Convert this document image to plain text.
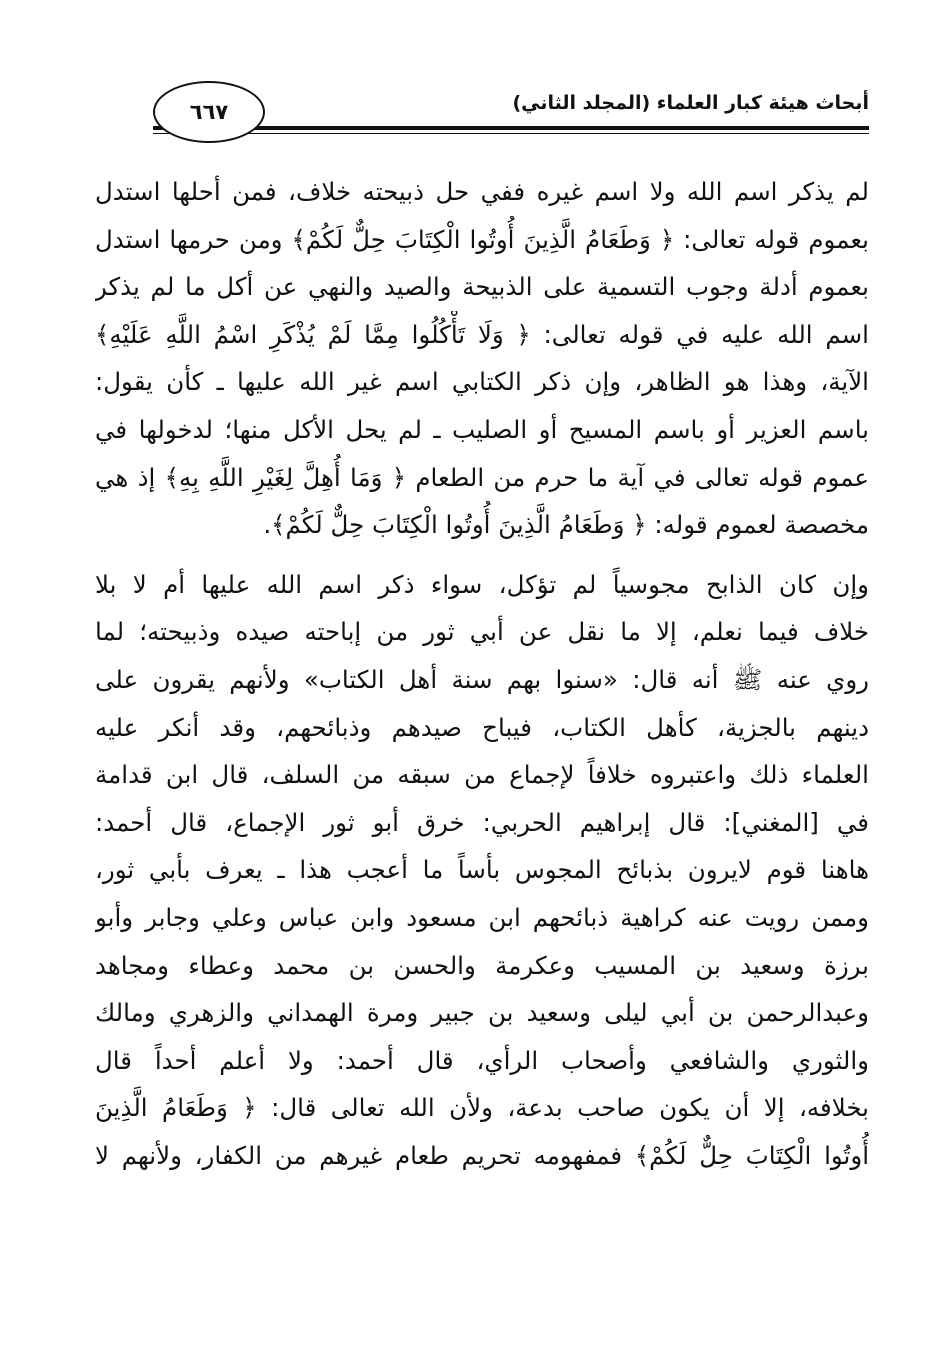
أبحاث هيئة كبار العلماء (المجلد الثاني)
٦٦٧
لم يذكر اسم الله ولا اسم غيره ففي حل ذبيحته خلاف، فمن أحلها استدل
بعموم قوله تعالى: ﴿ وَطَعَامُ الَّذِينَ أُوتُوا الْكِتَابَ حِلٌّ لَكُمْ﴾ ومن حرمها استدل
بعموم أدلة وجوب التسمية على الذبيحة والصيد والنهي عن أكل ما لم يذكر
اسم الله عليه في قوله تعالى: ﴿ وَلَا تَأْكُلُوا مِمَّا لَمْ يُذْكَرِ اسْمُ اللَّهِ عَلَيْهِ﴾
الآية، وهذا هو الظاهر، وإن ذكر الكتابي اسم غير الله عليها ـ كأن يقول:
باسم العزير أو باسم المسيح أو الصليب ـ لم يحل الأكل منها؛ لدخولها في
عموم قوله تعالى في آية ما حرم من الطعام ﴿ وَمَا أُهِلَّ لِغَيْرِ اللَّهِ بِهِ﴾ إذ هي
مخصصة لعموم قوله: ﴿ وَطَعَامُ الَّذِينَ أُوتُوا الْكِتَابَ حِلٌّ لَكُمْ﴾.
وإن كان الذابح مجوسياً لم تؤكل، سواء ذكر اسم الله عليها أم لا بلا
خلاف فيما نعلم، إلا ما نقل عن أبي ثور من إباحته صيده وذبيحته؛ لما
روي عنه ﷺ أنه قال: «سنوا بهم سنة أهل الكتاب» ولأنهم يقرون على
دينهم بالجزية، كأهل الكتاب، فيباح صيدهم وذبائحهم، وقد أنكر عليه
العلماء ذلك واعتبروه خلافاً لإجماع من سبقه من السلف، قال ابن قدامة
في [المغني]: قال إبراهيم الحربي: خرق أبو ثور الإجماع، قال أحمد:
هاهنا قوم لايرون بذبائح المجوس بأساً ما أعجب هذا ـ يعرف بأبي ثور،
وممن رويت عنه كراهية ذبائحهم ابن مسعود وابن عباس وعلي وجابر وأبو
برزة وسعيد بن المسيب وعكرمة والحسن بن محمد وعطاء ومجاهد
وعبدالرحمن بن أبي ليلى وسعيد بن جبير ومرة الهمداني والزهري ومالك
والثوري والشافعي وأصحاب الرأي، قال أحمد: ولا أعلم أحداً قال
بخلافه، إلا أن يكون صاحب بدعة، ولأن الله تعالى قال: ﴿ وَطَعَامُ الَّذِينَ
أُوتُوا الْكِتَابَ حِلٌّ لَكُمْ﴾ فمفهومه تحريم طعام غيرهم من الكفار، ولأنهم لا
